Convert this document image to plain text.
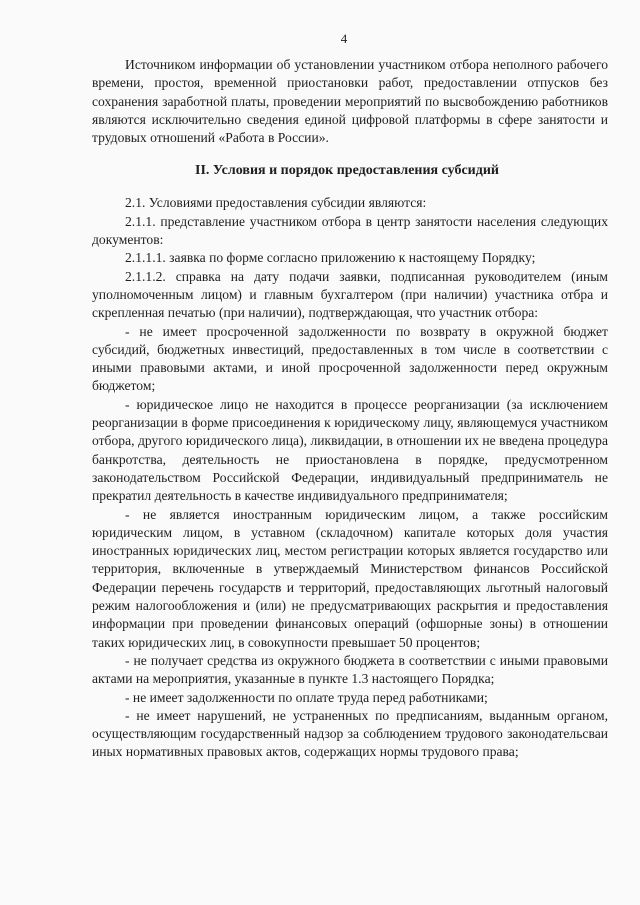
4

Источником информации об установлении участником отбора неполного рабочего времени, простоя, временной приостановки работ, предоставлении отпусков без сохранения заработной платы, проведении мероприятий по высвобождению работников являются исключительно сведения единой цифровой платформы в сфере занятости и трудовых отношений «Работа в России».

II. Условия и порядок предоставления субсидий

2.1. Условиями предоставления субсидии являются:

2.1.1. представление участником отбора в центр занятости населения следующих документов:

2.1.1.1. заявка по форме согласно приложению к настоящему Порядку;

2.1.1.2. справка на дату подачи заявки, подписанная руководителем (иным уполномоченным лицом) и главным бухгалтером (при наличии) участника отбра и скрепленная печатью (при наличии), подтверждающая, что участник отбора:

- не имеет просроченной задолженности по возврату в окружной бюджет субсидий, бюджетных инвестиций, предоставленных в том числе в соответствии с иными правовыми актами, и иной просроченной задолженности перед окружным бюджетом;

- юридическое лицо не находится в процессе реорганизации (за исключением реорганизации в форме присоединения к юридическому лицу, являющемуся участником отбора, другого юридического лица), ликвидации, в отношении их не введена процедура банкротства, деятельность не приостановлена в порядке, предусмотренном законодательством Российской Федерации, индивидуальный предприниматель не прекратил деятельность в качестве индивидуального предпринимателя;

- не является иностранным юридическим лицом, а также российским юридическим лицом, в уставном (складочном) капитале которых доля участия иностранных юридических лиц, местом регистрации которых является государство или территория, включенные в утверждаемый Министерством финансов Российской Федерации перечень государств и территорий, предоставляющих льготный налоговый режим налогообложения и (или) не предусматривающих раскрытия и предоставления информации при проведении финансовых операций (офшорные зоны) в отношении таких юридических лиц, в совокупности превышает 50 процентов;

- не получает средства из окружного бюджета в соответствии с иными правовыми актами на мероприятия, указанные в пункте 1.3 настоящего Порядка;

- не имеет задолженности по оплате труда перед работниками;

- не имеет нарушений, не устраненных по предписаниям, выданным органом, осуществляющим государственный надзор за соблюдением трудового законодательсваи иных нормативных правовых актов, содержащих нормы трудового права;
